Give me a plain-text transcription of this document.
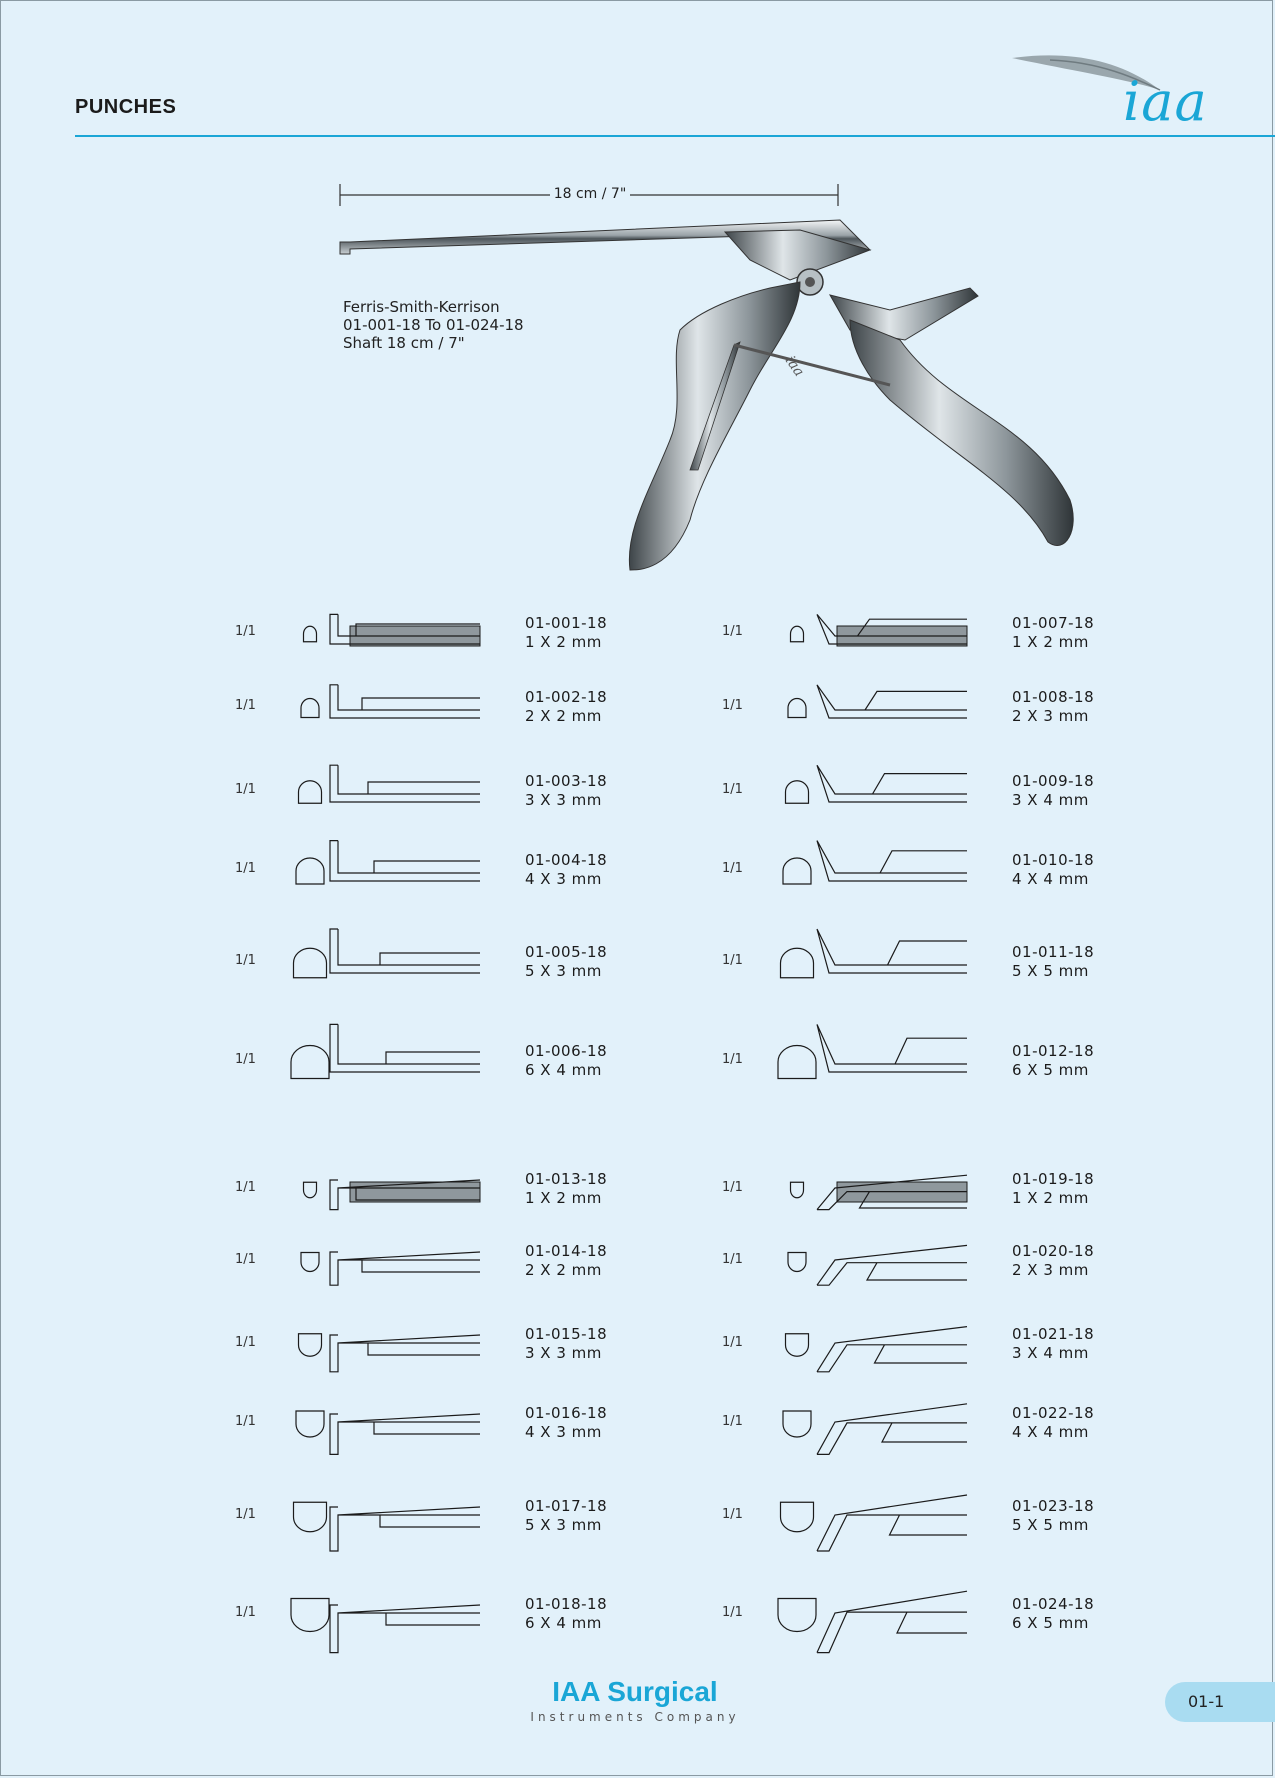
PUNCHES	iaa
iaa
18 cm / 7"
Ferris-Smith-Kerrison
01-001-18 To 01-024-18
Shaft 18 cm / 7"
1/1	01-001-18
1 X 2 mm
1/1	01-002-18
2 X 2 mm
1/1	01-003-18
3 X 3 mm
1/1	01-004-18
4 X 3 mm
1/1	01-005-18
5 X 3 mm
1/1	01-006-18
6 X 4 mm
1/1	01-007-18
1 X 2 mm
1/1	01-008-18
2 X 3 mm
1/1	01-009-18
3 X 4 mm
1/1	01-010-18
4 X 4 mm
1/1	01-011-18
5 X 5 mm
1/1	01-012-18
6 X 5 mm
1/1	01-013-18
1 X 2 mm
1/1	01-014-18
2 X 2 mm
1/1	01-015-18
3 X 3 mm
1/1	01-016-18
4 X 3 mm
1/1	01-017-18
5 X 3 mm
1/1	01-018-18
6 X 4 mm
1/1	01-019-18
1 X 2 mm
1/1	01-020-18
2 X 3 mm
1/1	01-021-18
3 X 4 mm
1/1	01-022-18
4 X 4 mm
1/1	01-023-18
5 X 5 mm
1/1	01-024-18
6 X 5 mm
IAA Surgical
Instruments Company
01-1
